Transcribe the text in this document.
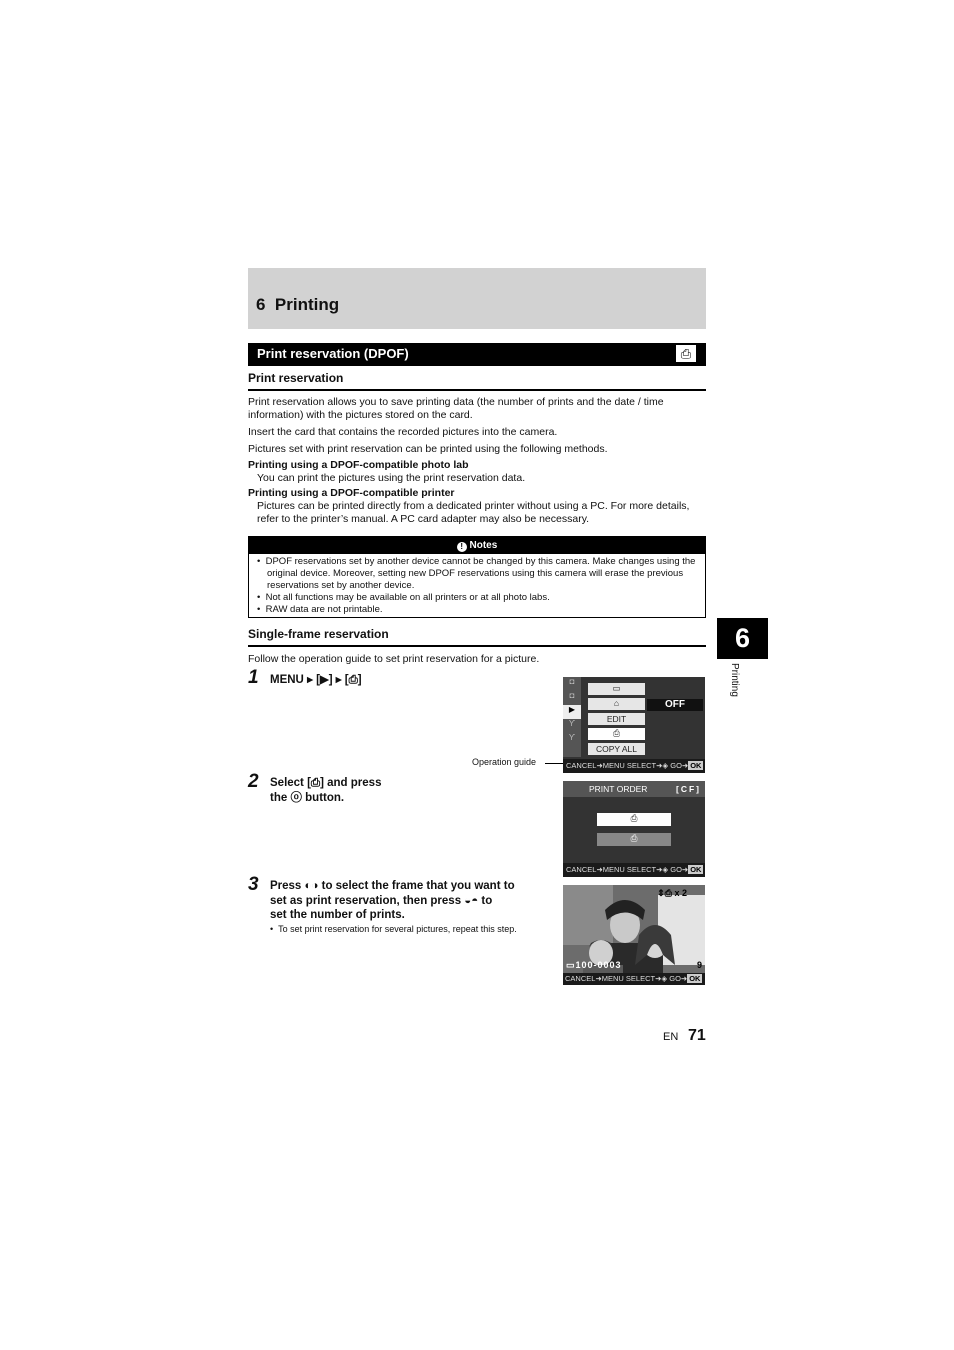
6 Printing
Print reservation (DPOF)	⎙
Print reservation
Print reservation allows you to save printing data (the number of prints and the date / time information) with the pictures stored on the card.
Insert the card that contains the recorded pictures into the camera.
Pictures set with print reservation can be printed using the following methods.
Printing using a DPOF-compatible photo lab
You can print the pictures using the print reservation data.
Printing using a DPOF-compatible printer
Pictures can be printed directly from a dedicated printer without using a PC. For more details, refer to the printer’s manual. A PC card adapter may also be necessary.
! Notes
•  DPOF reservations set by another device cannot be changed by this camera. Make changes using the original device. Moreover, setting new DPOF reservations using this camera will erase the previous reservations set by another device.
•  Not all functions may be available on all printers or at all photo labs.
•  RAW data are not printable.
Single-frame reservation
Follow the operation guide to set print reservation for a picture.
1 MENU ▸ [▶] ▸ [⎙]
2 Select [⎙] and press
the ⓞ button.
3 Press ◐◑ to select the frame that you want to
set as print reservation, then press ◒◓ to
set the number of prints.
•  To set print reservation for several pictures, repeat this step.
◘
◘
▶
ϒ
ϒ
▭
⌂
EDIT
⎙
COPY ALL
OFF
CANCEL➜MENU SELECT➜◈ GO➜ OK
Operation guide
PRINT ORDER	[CF]
⎙
⎙
CANCEL➜MENU SELECT➜◈ GO➜ OK
⇕⎙ x 2
▭100-0003	9
CANCEL➜MENU SELECT➜◈ GO➜ OK
6
Printing
EN 71
